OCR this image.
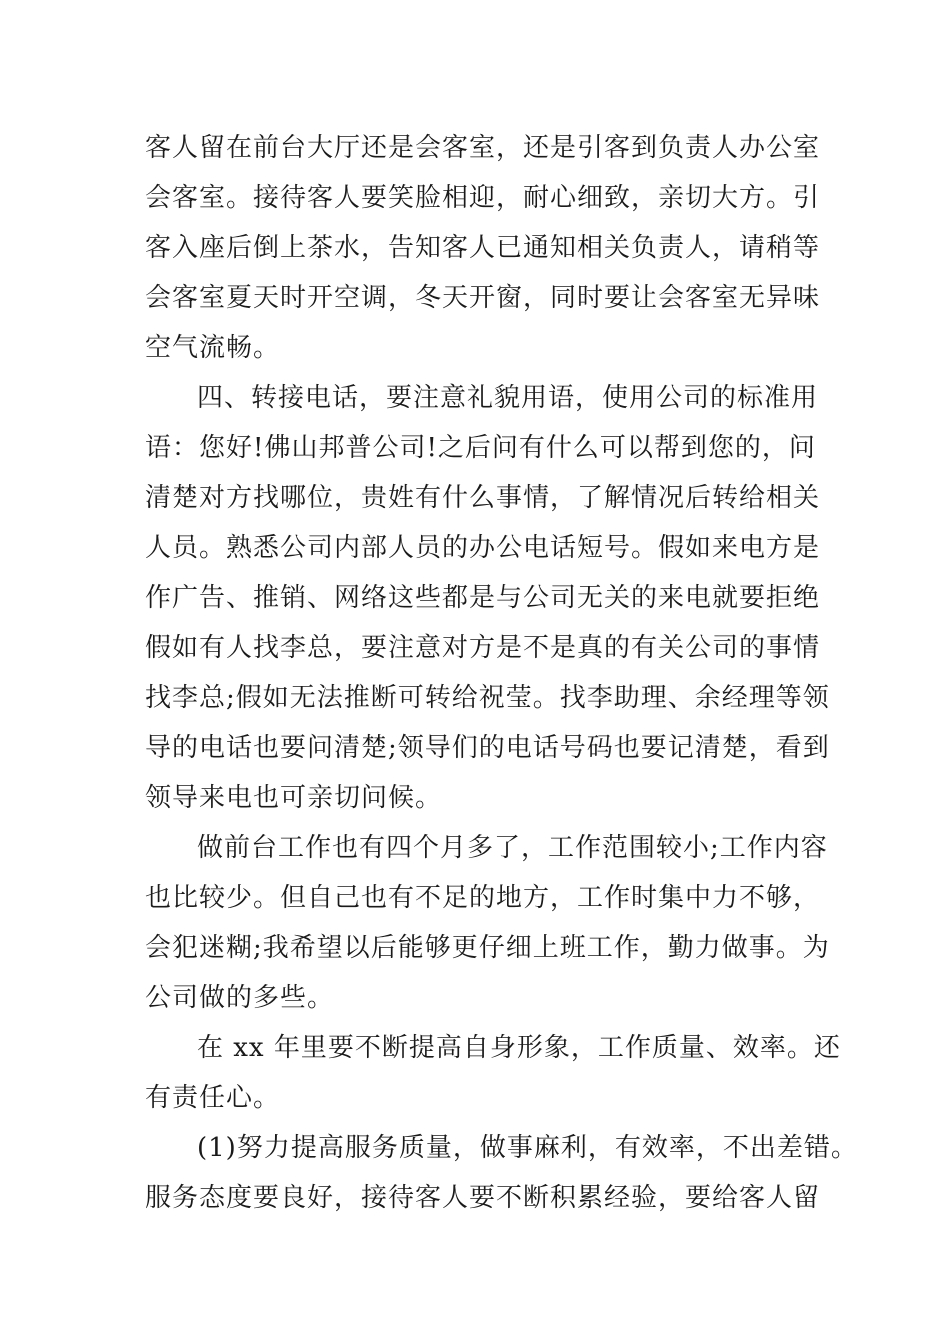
客人留在前台大厅还是会客室，还是引客到负责人办公室
会客室。接待客人要笑脸相迎，耐心细致，亲切大方。引
客入座后倒上茶水，告知客人已通知相关负责人，请稍等
会客室夏天时开空调，冬天开窗，同时要让会客室无异味
空气流畅。
四、转接电话，要注意礼貌用语，使用公司的标准用
语：您好!佛山邦普公司!之后问有什么可以帮到您的，问
清楚对方找哪位，贵姓有什么事情，了解情况后转给相关
人员。熟悉公司内部人员的办公电话短号。假如来电方是
作广告、推销、网络这些都是与公司无关的来电就要拒绝
假如有人找李总，要注意对方是不是真的有关公司的事情
找李总;假如无法推断可转给祝莹。找李助理、余经理等领
导的电话也要问清楚;领导们的电话号码也要记清楚，看到
领导来电也可亲切问候。
做前台工作也有四个月多了，工作范围较小;工作内容
也比较少。但自己也有不足的地方，工作时集中力不够，
会犯迷糊;我希望以后能够更仔细上班工作，勤力做事。为
公司做的多些。
在 xx 年里要不断提高自身形象，工作质量、效率。还
有责任心。
(1)努力提高服务质量，做事麻利，有效率，不出差错。
服务态度要良好，接待客人要不断积累经验，要给客人留
